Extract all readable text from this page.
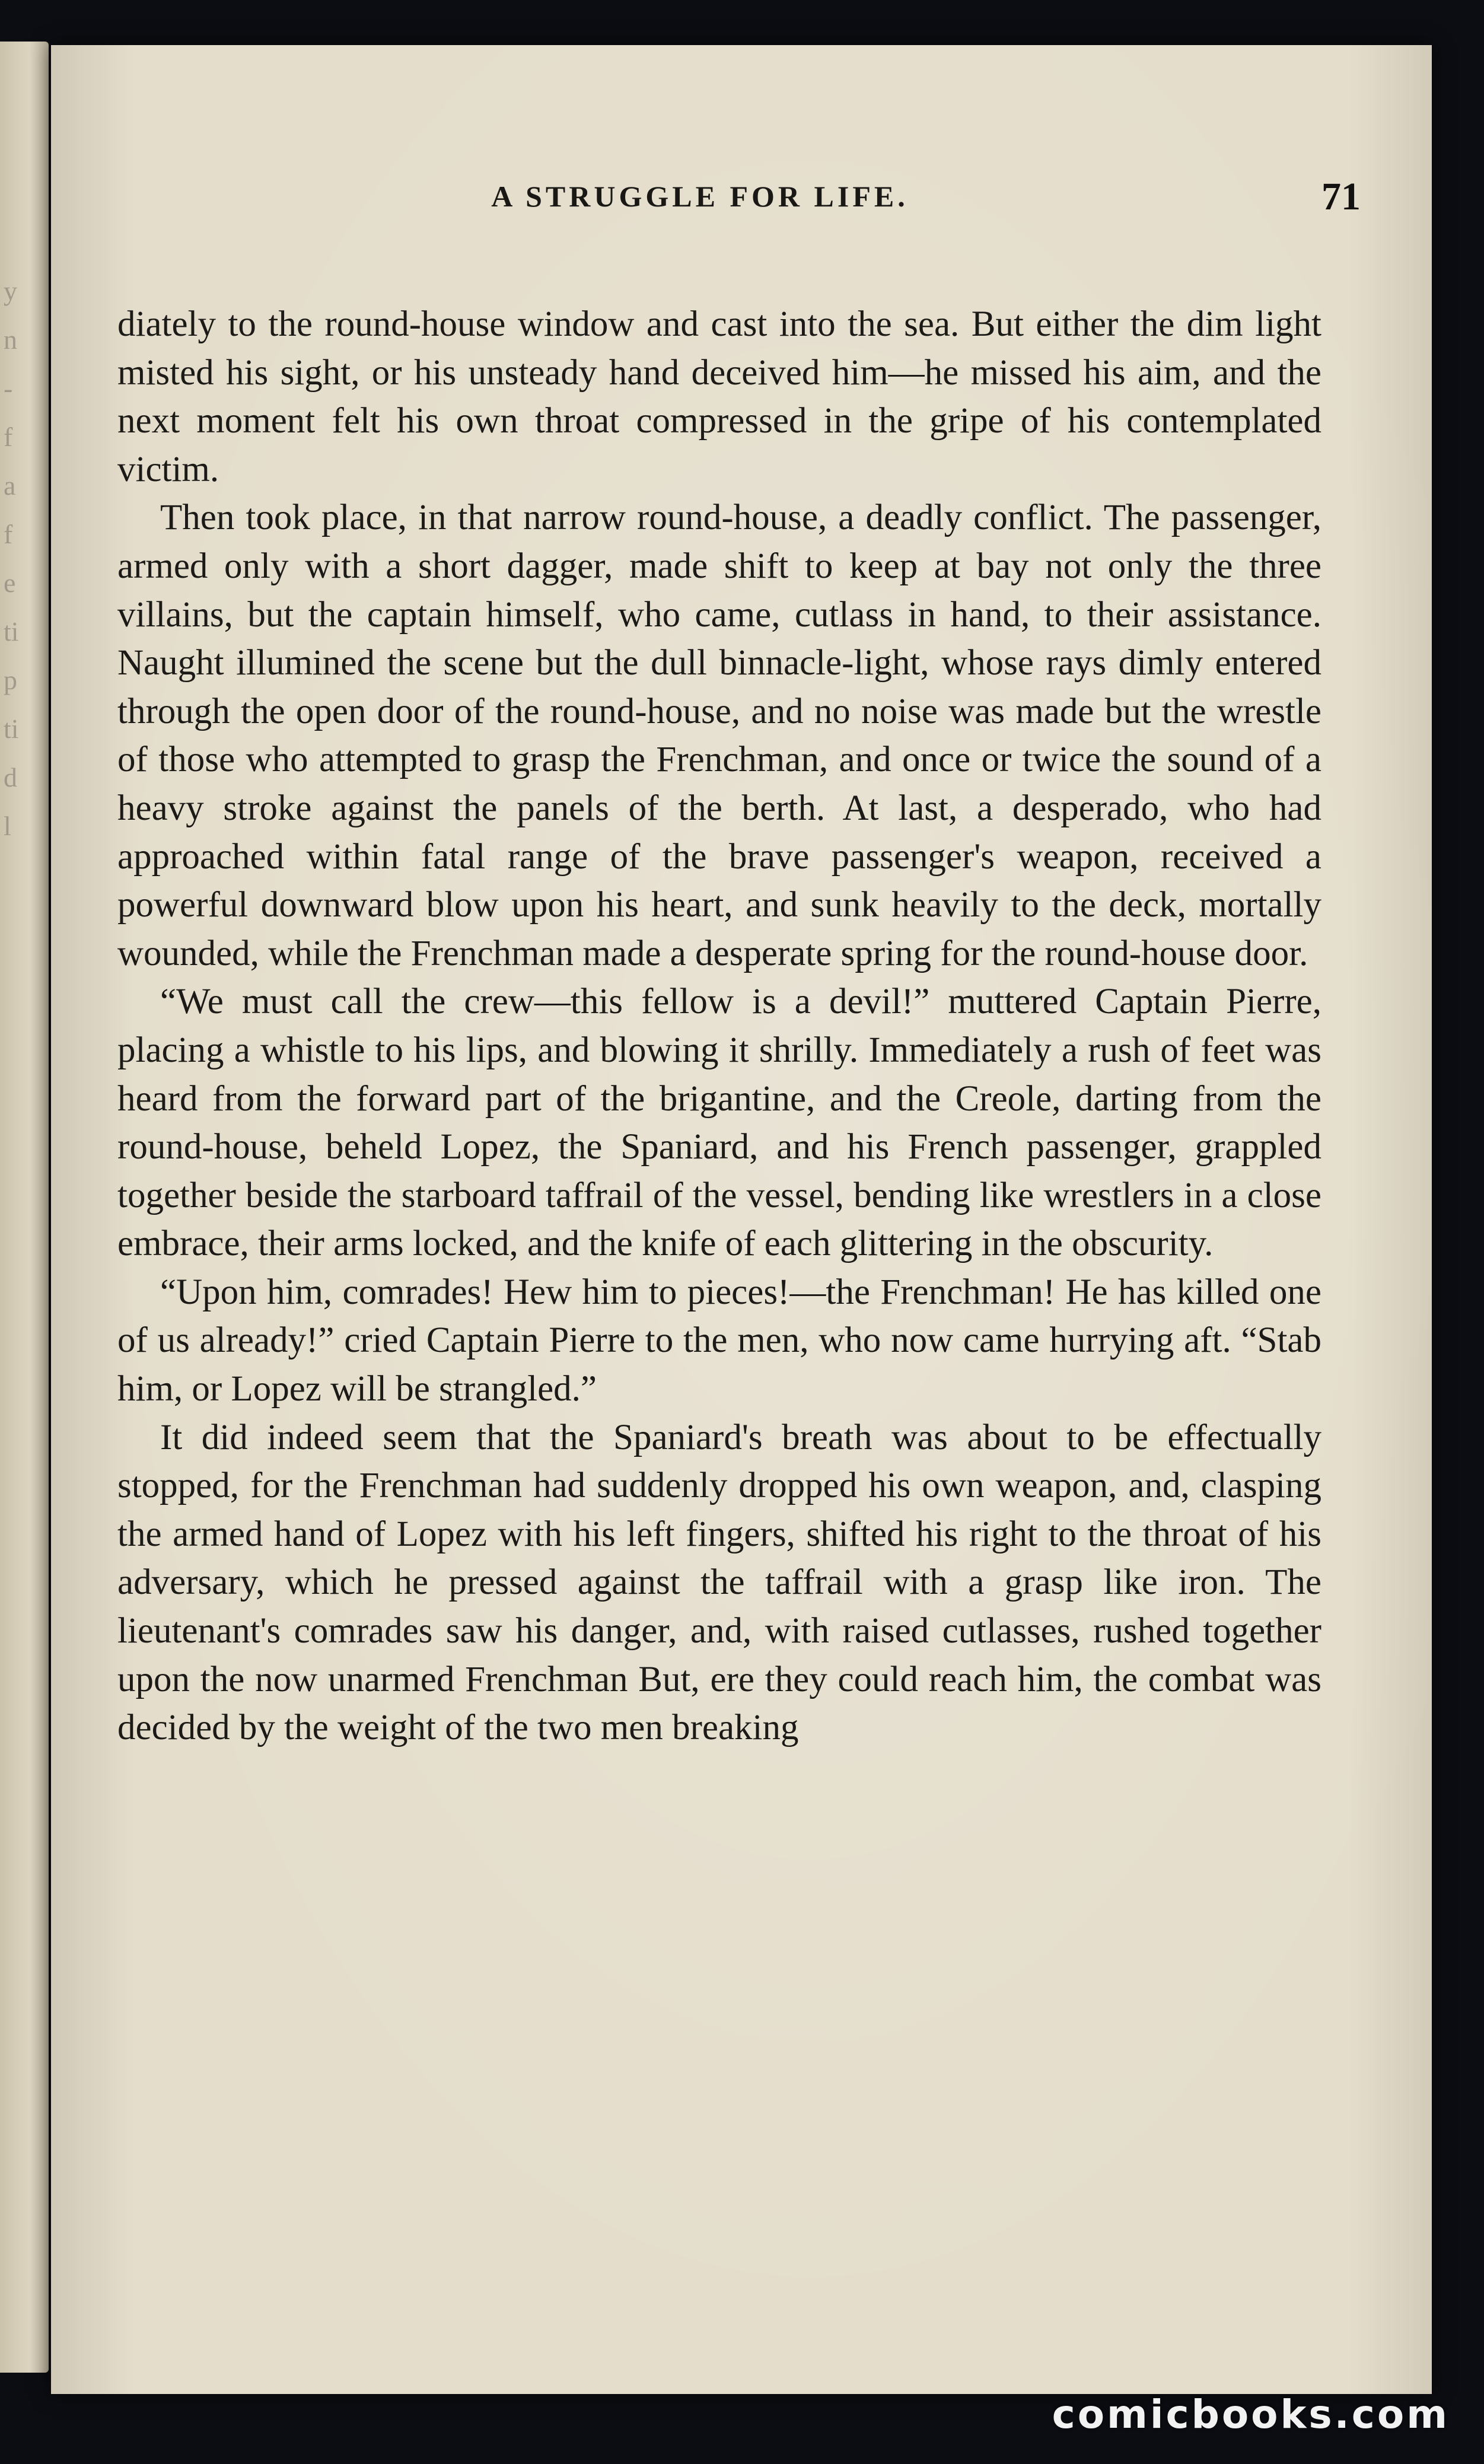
y
n
-
f
a
f
e
ti
p
ti
d
l
A STRUGGLE FOR LIFE.	71

diately to the round-house window and cast into the sea. But either the dim light misted his sight, or his unsteady hand deceived him—he missed his aim, and the next moment felt his own throat compressed in the gripe of his contemplated victim.

Then took place, in that narrow round-house, a deadly conflict. The passenger, armed only with a short dagger, made shift to keep at bay not only the three villains, but the captain himself, who came, cutlass in hand, to their assistance. Naught illumined the scene but the dull binnacle-light, whose rays dimly entered through the open door of the round-house, and no noise was made but the wrestle of those who attempted to grasp the Frenchman, and once or twice the sound of a heavy stroke against the panels of the berth. At last, a desperado, who had approached within fatal range of the brave passenger's weapon, received a powerful downward blow upon his heart, and sunk heavily to the deck, mortally wounded, while the Frenchman made a desperate spring for the round-house door.

“We must call the crew—this fellow is a devil!” muttered Captain Pierre, placing a whistle to his lips, and blowing it shrilly. Immediately a rush of feet was heard from the forward part of the brigantine, and the Creole, darting from the round-house, beheld Lopez, the Spaniard, and his French passenger, grappled together beside the starboard taffrail of the vessel, bending like wrestlers in a close embrace, their arms locked, and the knife of each glittering in the obscurity.

“Upon him, comrades! Hew him to pieces!—the Frenchman! He has killed one of us already!” cried Captain Pierre to the men, who now came hurrying aft. “Stab him, or Lopez will be strangled.”

It did indeed seem that the Spaniard's breath was about to be effectually stopped, for the Frenchman had suddenly dropped his own weapon, and, clasping the armed hand of Lopez with his left fingers, shifted his right to the throat of his adversary, which he pressed against the taffrail with a grasp like iron. The lieutenant's comrades saw his danger, and, with raised cutlasses, rushed together upon the now unarmed Frenchman But, ere they could reach him, the combat was decided by the weight of the two men breaking

comicbooks.com
